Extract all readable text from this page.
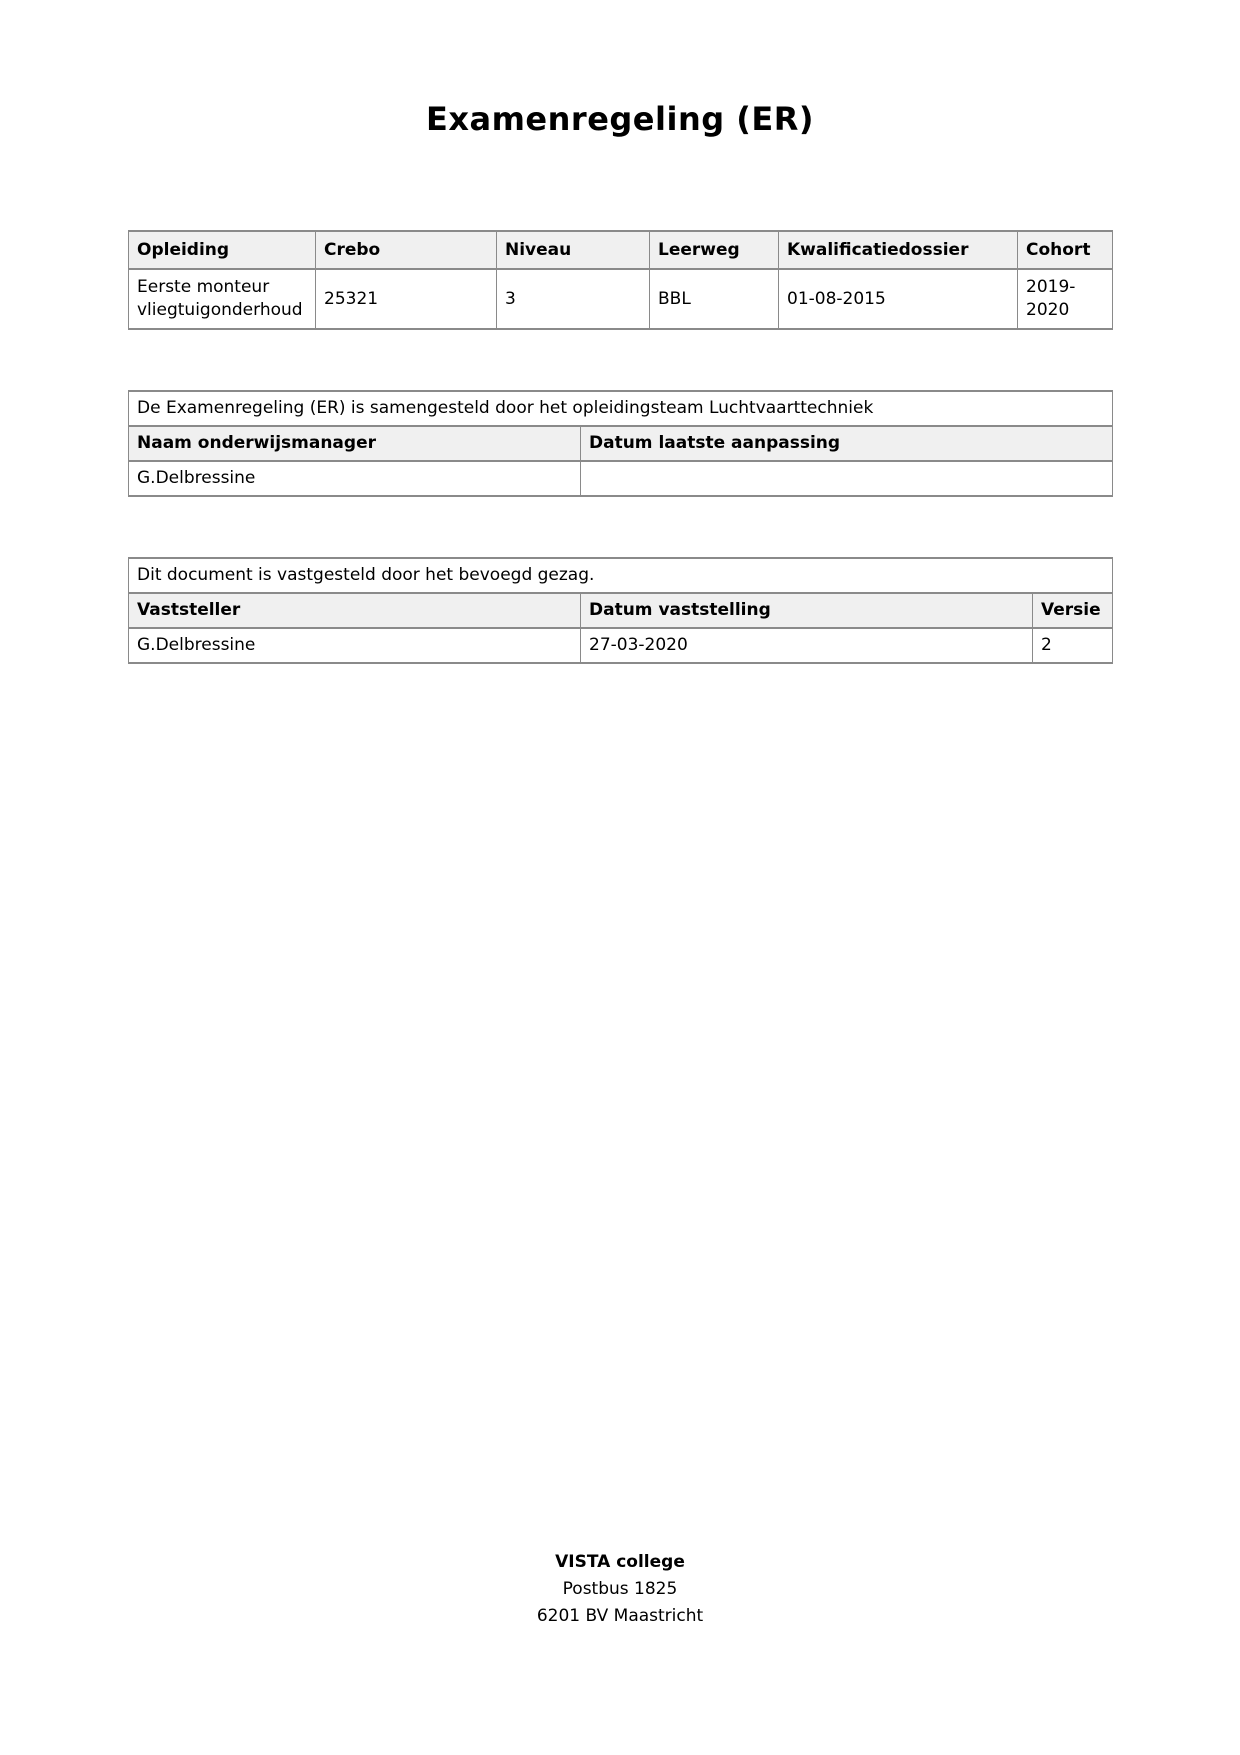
Examenregeling (ER)
Opleiding	Crebo	Niveau	Leerweg	Kwalificatiedossier	Cohort
Eerste monteur vliegtuigonderhoud	25321	3	BBL	01-08-2015	2019-2020
De Examenregeling (ER) is samengesteld door het opleidingsteam Luchtvaarttechniek	
Naam onderwijsmanager	Datum laatste aanpassing
G.Delbressine	
Dit document is vastgesteld door het bevoegd gezag.		
Vaststeller	Datum vaststelling	Versie
G.Delbressine	27-03-2020	2
VISTA college
Postbus 1825
6201 BV Maastricht
